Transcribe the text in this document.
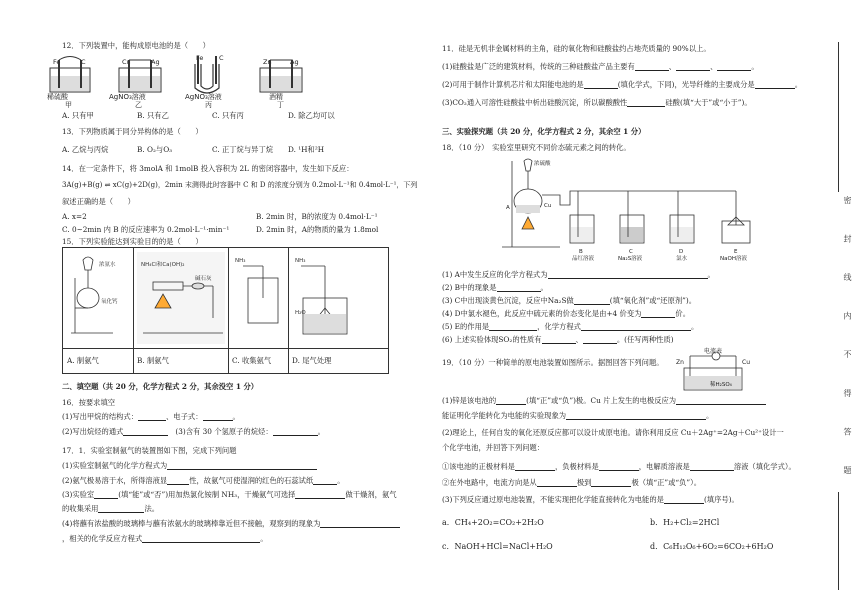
12．下列装置中，能构成原电池的是（　　）
Fe	C	Cu	Ag	Fe C	Zn	Ag
稀硫酸
甲
AgNO₃溶液
乙
AgNO₃溶液
丙
酒精
丁
A. 只有甲	B. 只有乙	C. 只有丙	D. 除乙均可以
13．下列物质属于同分异构体的是（　　）
A. 乙烷与丙烷	B. O₂与O₃	C. 正丁烷与异丁烷 D. ¹H和²H
14．在一定条件下，将 3molA 和 1molB 投入容积为 2L 的密闭容器中，发生如下反应：
3A(g)+B(g) ⇌ xC(g)+2D(g)，2min 末测得此时容器中 C 和 D 的浓度分别为 0.2mol·L⁻¹和 0.4mol·L⁻¹，下列
叙述正确的是（　　）
A. x=2	B. 2min 时，B的浓度为 0.4mol·L⁻¹
C. 0~2min 内 B 的反应速率为 0.2mol·L⁻¹·min⁻¹	D. 2min 时，A的物质的量为 1.8mol
15．下列实验能达到实验目的的是（　　）
浓氨水
氧化钙
NH₄Cl和Ca(OH)₂
碱石灰
NH₃	NH₃
H₂O
A. 制氨气	B. 制氨气	C. 收集氨气	D. 尾气处理
二、填空题（共 20 分，化学方程式 2 分，其余没空 1 分）
16．按要求填空
(1)写出甲烷的结构式：	、电子式：	。
(2)写出烷烃的通式	(3)含有 30 个氢原子的烷烃：	。
17．1．实验室制氨气的装置图如下图，完成下列问题
(1)实验室制氨气的化学方程式为
(2)氨气极易溶于水，所得溶液显	性，故氨气可使湿润的红色的石蕊试纸	。
(3)实验室	(填“能”或“否”)用加热氯化铵制 NH₃，干燥氨气可选择	做干燥剂，氨气
的收集采用	法。
(4)将蘸有浓盐酸的玻璃棒与蘸有浓氨水的玻璃棒靠近但不接触，观察到的现象为
，相关的化学反应方程式	。
11．硅是无机非金属材料的主角，硅的氧化物和硅酸盐约占地壳质量的 90%以上。
(1)硅酸盐是广泛的建筑材料，传统的三种硅酸盐产品主要有	、	、	。
(2)可用于制作计算机芯片和太阳能电池的是	(填化学式，下同)，光导纤维的主要成分是	。
(3)CO₂通入可溶性硅酸盐中析出硅酸沉淀，所以碳酸酸性	硅酸(填“大于”或“小于”)。
三、实验探究题（共 20 分，化学方程式 2 分，其余空 1 分）
18．（10 分）　实验室里研究不同价态硫元素之间的转化。
浓硫酸
A	Cu
B
品红溶液
C
Na₂S溶液
D
氯水
E
NaOH溶液
(1) A中发生反应的化学方程式为	。
(2) B中的现象是	。
(3) C中出现淡黄色沉淀，反应中Na₂S做	(填“氧化剂”或“还原剂”)。
(4) D中氯水褪色，此反应中硫元素的价态变化是由+4 价变为	价。
(5) E的作用是	，化学方程式	。
(6) 上述实验体现SO₂的性质有	、	。(任写两种性质)
19．（10 分）一种简单的原电池装置如图所示。据图回答下列问题。
电流表
Zn	Cu
稀H₂SO₄
(1)锌是该电池的	(填“正”或“负”)极。Cu 片上发生的电极反应为
能证明化学能转化为电能的实验现象为	。
(2)理论上，任何自发的氧化还原反应都可以设计成原电池。请你利用反应 Cu＋2Ag⁺=2Ag＋Cu²⁺设计一
个化学电池，并回答下列问题：
①该电池的正极材料是	，负极材料是	，电解质溶液是	溶液（填化学式）。
②在外电路中，电流方向是从	极到	极（填“正”或“负”）。
(3)下列反应通过原电池装置，不能实现把化学能直接转化为电能的是	(填序号)。
a．CH₄+2O₂=CO₂+2H₂O	b．H₂+Cl₂=2HCl
c．NaOH+HCl=NaCl+H₂O	d．C₆H₁₂O₆+6O₂=6CO₂+6H₂O
密 封 线 内 不 得 答 题
